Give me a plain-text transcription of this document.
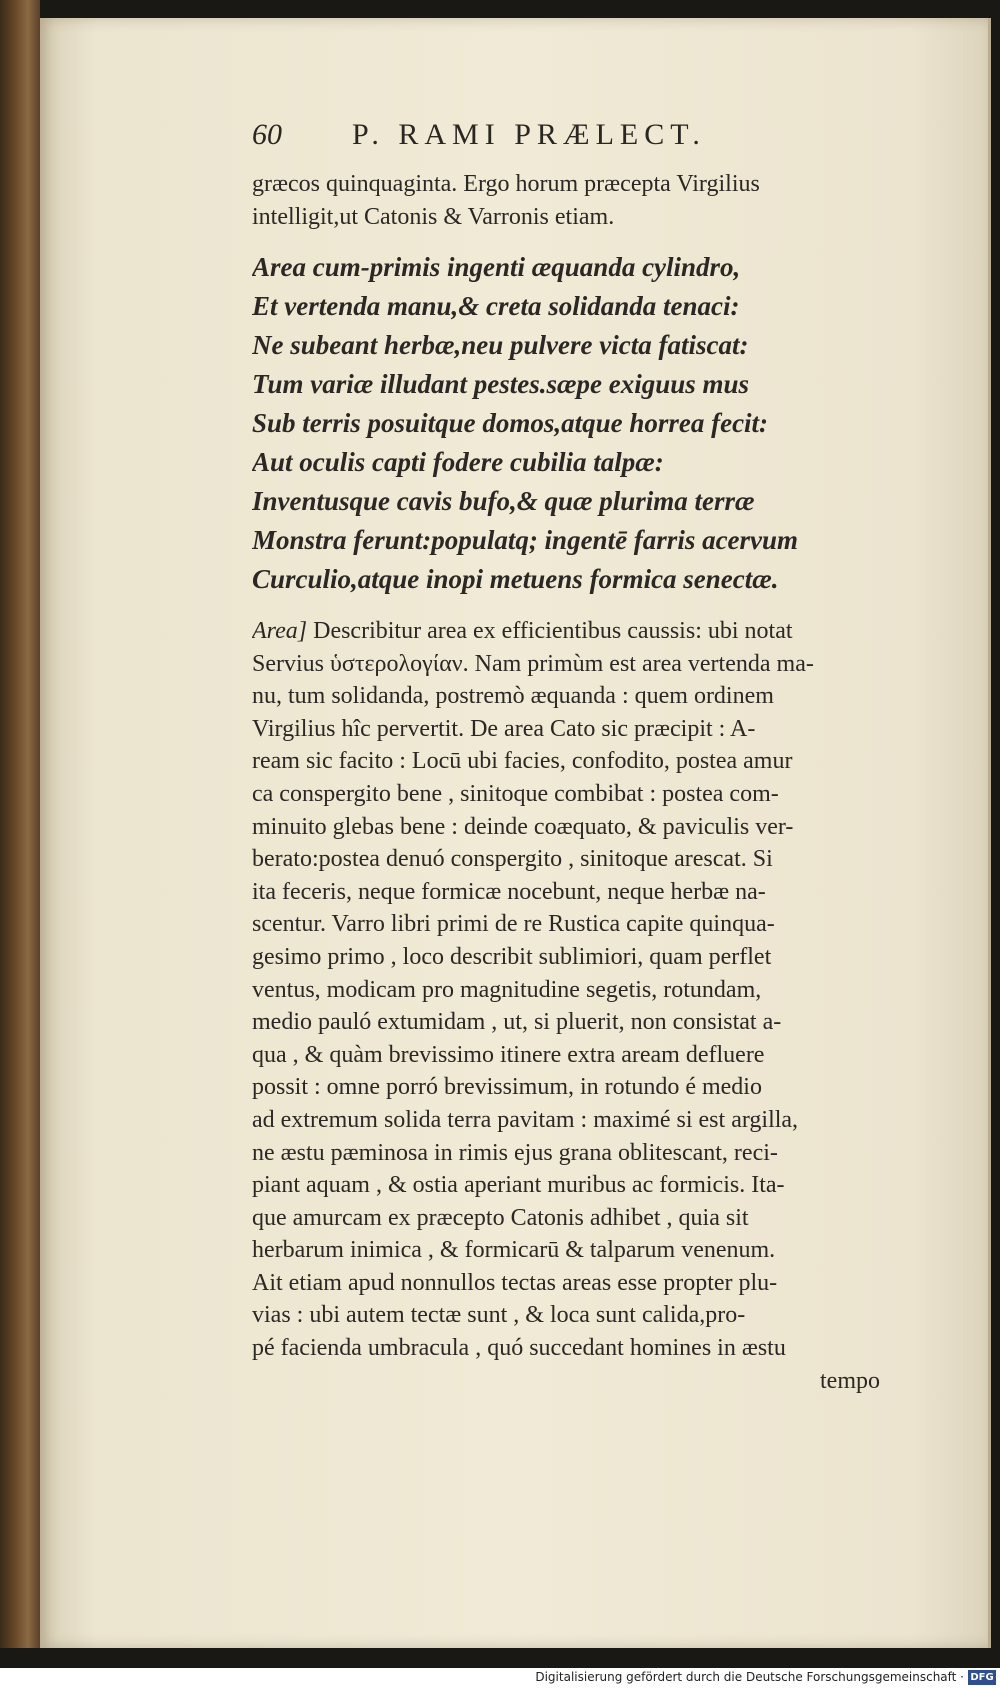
60 P. RAMI PRÆLECT.
græcos quinquaginta. Ergo horum præcepta Virgilius
intelligit,ut Catonis & Varronis etiam.
Area cum-primis ingenti æquanda cylindro,
Et vertenda manu,& creta solidanda tenaci:
Ne subeant herbæ,neu pulvere victa fatiscat:
Tum variæ illudant pestes.sæpe exiguus mus
Sub terris posuitque domos,atque horrea fecit:
Aut oculis capti fodere cubilia talpæ:
Inventusque cavis bufo,& quæ plurima terræ
Monstra ferunt:populatq; ingentē farris acervum
Curculio,atque inopi metuens formica senectæ.
Area] Describitur area ex efficientibus caussis: ubi notat
Servius ὑστερολογίαν. Nam primùm est area vertenda ma-
nu, tum solidanda, postremò æquanda : quem ordinem
Virgilius hîc pervertit. De area Cato sic præcipit : A-
ream sic facito : Locū ubi facies, confodito, postea amur
ca conspergito bene , sinitoque combibat : postea com-
minuito glebas bene : deinde coæquato, & paviculis ver-
berato:postea denuó conspergito , sinitoque arescat. Si
ita feceris, neque formicæ nocebunt, neque herbæ na-
scentur. Varro libri primi de re Rustica capite quinqua-
gesimo primo , loco describit sublimiori, quam perflet
ventus, modicam pro magnitudine segetis, rotundam,
medio pauló extumidam , ut, si pluerit, non consistat a-
qua , & quàm brevissimo itinere extra aream defluere
possit : omne porró brevissimum, in rotundo é medio
ad extremum solida terra pavitam : maximé si est argilla,
ne æstu pæminosa in rimis ejus grana oblitescant, reci-
piant aquam , & ostia aperiant muribus ac formicis. Ita-
que amurcam ex præcepto Catonis adhibet , quia sit
herbarum inimica , & formicarū & talparum venenum.
Ait etiam apud nonnullos tectas areas esse propter plu-
vias : ubi autem tectæ sunt , & loca sunt calida,pro-
pé facienda umbracula , quó succedant homines in æstu
tempo
Digitalisierung gefördert durch die Deutsche Forschungsgemeinschaft · DFG
